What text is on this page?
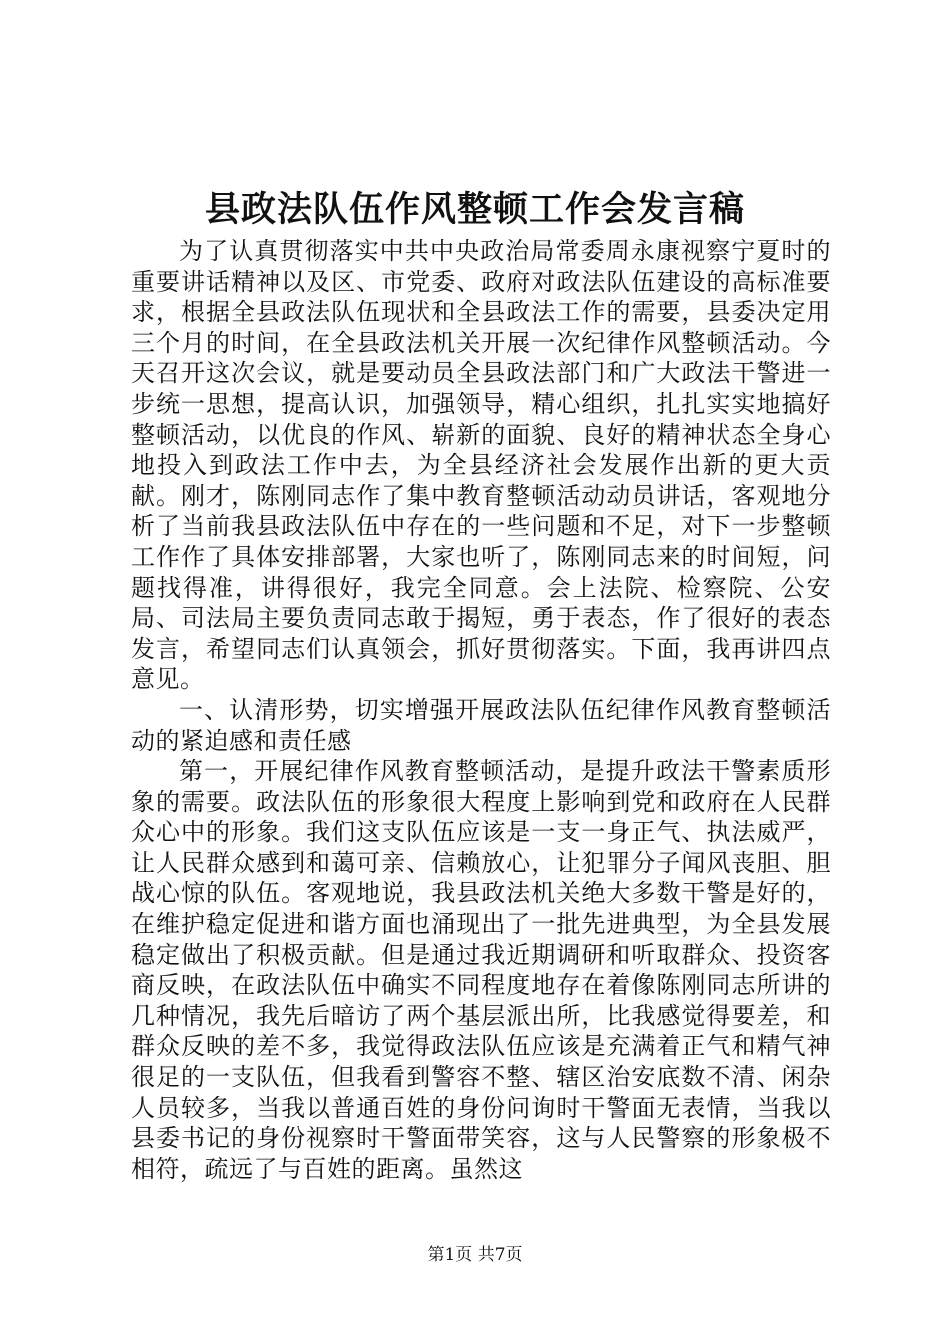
县政法队伍作风整顿工作会发言稿

为了认真贯彻落实中共中央政治局常委周永康视察宁夏时的重要讲话精神以及区、市党委、政府对政法队伍建设的高标准要求，根据全县政法队伍现状和全县政法工作的需要，县委决定用三个月的时间，在全县政法机关开展一次纪律作风整顿活动。今天召开这次会议，就是要动员全县政法部门和广大政法干警进一步统一思想，提高认识，加强领导，精心组织，扎扎实实地搞好整顿活动，以优良的作风、崭新的面貌、良好的精神状态全身心地投入到政法工作中去，为全县经济社会发展作出新的更大贡献。刚才，陈刚同志作了集中教育整顿活动动员讲话，客观地分析了当前我县政法队伍中存在的一些问题和不足，对下一步整顿工作作了具体安排部署，大家也听了，陈刚同志来的时间短，问题找得准，讲得很好，我完全同意。会上法院、检察院、公安局、司法局主要负责同志敢于揭短，勇于表态，作了很好的表态发言，希望同志们认真领会，抓好贯彻落实。下面，我再讲四点意见。

一、认清形势，切实增强开展政法队伍纪律作风教育整顿活动的紧迫感和责任感

第一，开展纪律作风教育整顿活动，是提升政法干警素质形象的需要。政法队伍的形象很大程度上影响到党和政府在人民群众心中的形象。我们这支队伍应该是一支一身正气、执法威严，让人民群众感到和蔼可亲、信赖放心，让犯罪分子闻风丧胆、胆战心惊的队伍。客观地说，我县政法机关绝大多数干警是好的，在维护稳定促进和谐方面也涌现出了一批先进典型，为全县发展稳定做出了积极贡献。但是通过我近期调研和听取群众、投资客商反映，在政法队伍中确实不同程度地存在着像陈刚同志所讲的几种情况，我先后暗访了两个基层派出所，比我感觉得要差，和群众反映的差不多，我觉得政法队伍应该是充满着正气和精气神很足的一支队伍，但我看到警容不整、辖区治安底数不清、闲杂人员较多，当我以普通百姓的身份问询时干警面无表情，当我以县委书记的身份视察时干警面带笑容，这与人民警察的形象极不相符，疏远了与百姓的距离。虽然这

第1页 共7页
